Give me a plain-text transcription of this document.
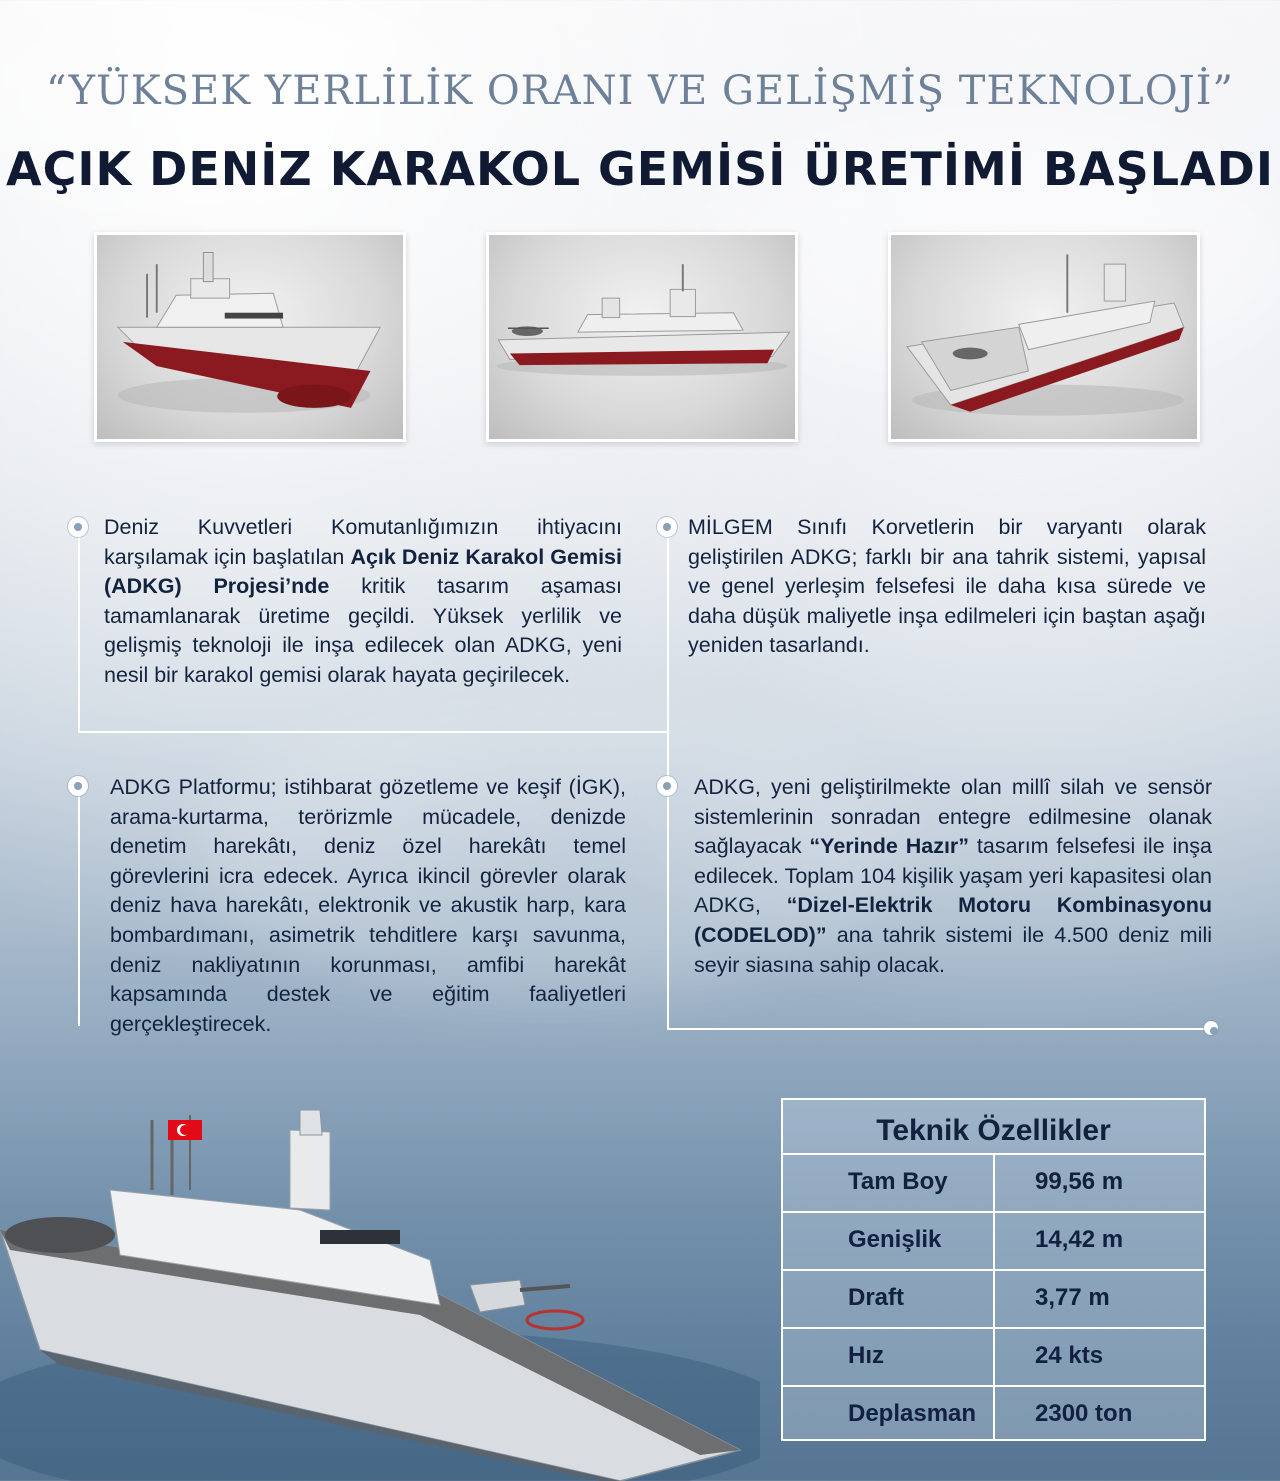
“YÜKSEK YERLİLİK ORANI VE GELİŞMİŞ TEKNOLOJİ”
AÇIK DENİZ KARAKOL GEMİSİ ÜRETİMİ BAŞLADI
Deniz Kuvvetleri Komutanlığımızın ihtiyacını karşılamak için başlatılan Açık Deniz Karakol Gemisi (ADKG) Projesi’nde kritik tasarım aşaması tamamlanarak üretime geçildi. Yüksek yerlilik ve gelişmiş teknoloji ile inşa edilecek olan ADKG, yeni nesil bir karakol gemisi olarak hayata geçirilecek.
MİLGEM Sınıfı Korvetlerin bir varyantı olarak geliştirilen ADKG; farklı bir ana tahrik sistemi, yapısal ve genel yerleşim felsefesi ile daha kısa sürede ve daha düşük maliyetle inşa edilmeleri için baştan aşağı yeniden tasarlandı.
ADKG Platformu; istihbarat gözetleme ve keşif (İGK), arama-kurtarma, terörizmle mücadele, denizde denetim harekâtı, deniz özel harekâtı temel görevlerini icra edecek. Ayrıca ikincil görevler olarak deniz hava harekâtı, elektronik ve akustik harp, kara bombardımanı, asimetrik tehditlere karşı savunma, deniz nakliyatının korunması, amfibi harekât kapsamında destek ve eğitim faaliyetleri gerçekleştirecek.
ADKG, yeni geliştirilmekte olan millî silah ve sensör sistemlerinin sonradan entegre edilmesine olanak sağlayacak “Yerinde Hazır” tasarım felsefesi ile inşa edilecek. Toplam 104 kişilik yaşam yeri kapasitesi olan ADKG, “Dizel-Elektrik Motoru Kombinasyonu (CODELOD)” ana tahrik sistemi ile 4.500 deniz mili seyir siasına sahip olacak.
Teknik Özellikler
Tam Boy	99,56 m
Genişlik	14,42 m
Draft	3,77 m
Hız	24 kts
Deplasman 2300 ton
